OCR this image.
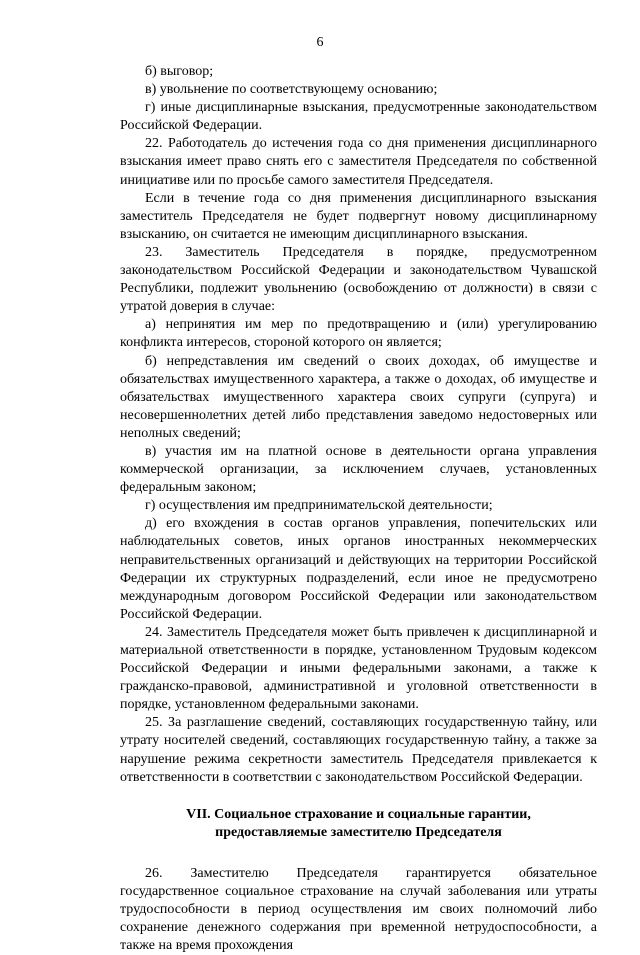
6

б) выговор;

в) увольнение по соответствующему основанию;

г) иные дисциплинарные взыскания, предусмотренные законодательством Российской Федерации.

22. Работодатель до истечения года со дня применения дисциплинарного взыскания имеет право снять его с заместителя Председателя по собственной инициативе или по просьбе самого заместителя Председателя.

Если в течение года со дня применения дисциплинарного взыскания заместитель Председателя не будет подвергнут новому дисциплинарному взысканию, он считается не имеющим дисциплинарного взыскания.

23. Заместитель Председателя в порядке, предусмотренном законодательством Российской Федерации и законодательством Чувашской Республики, подлежит увольнению (освобождению от должности) в связи с утратой доверия в случае:

а) непринятия им мер по предотвращению и (или) урегулированию конфликта интересов, стороной которого он является;

б) непредставления им сведений о своих доходах, об имуществе и обязательствах имущественного характера, а также о доходах, об имуществе и обязательствах имущественного характера своих супруги (супруга) и несовершеннолетних детей либо представления заведомо недостоверных или неполных сведений;

в) участия им на платной основе в деятельности органа управления коммерческой организации, за исключением случаев, установленных федеральным законом;

г) осуществления им предпринимательской деятельности;

д) его вхождения в состав органов управления, попечительских или наблюдательных советов, иных органов иностранных некоммерческих неправительственных организаций и действующих на территории Российской Федерации их структурных подразделений, если иное не предусмотрено международным договором Российской Федерации или законодательством Российской Федерации.

24. Заместитель Председателя может быть привлечен к дисциплинарной и материальной ответственности в порядке, установленном Трудовым кодексом Российской Федерации и иными федеральными законами, а также к гражданско-правовой, административной и уголовной ответственности в порядке, установленном федеральными законами.

25. За разглашение сведений, составляющих государственную тайну, или утрату носителей сведений, составляющих государственную тайну, а также за нарушение режима секретности заместитель Председателя привлекается к ответственности в соответствии с законодательством Российской Федерации.

VII. Социальное страхование и социальные гарантии,
предоставляемые заместителю Председателя

26. Заместителю Председателя гарантируется обязательное государственное социальное страхование на случай заболевания или утраты трудоспособности в период осуществления им своих полномочий либо сохранение денежного содержания при временной нетрудоспособности, а также на время прохождения
